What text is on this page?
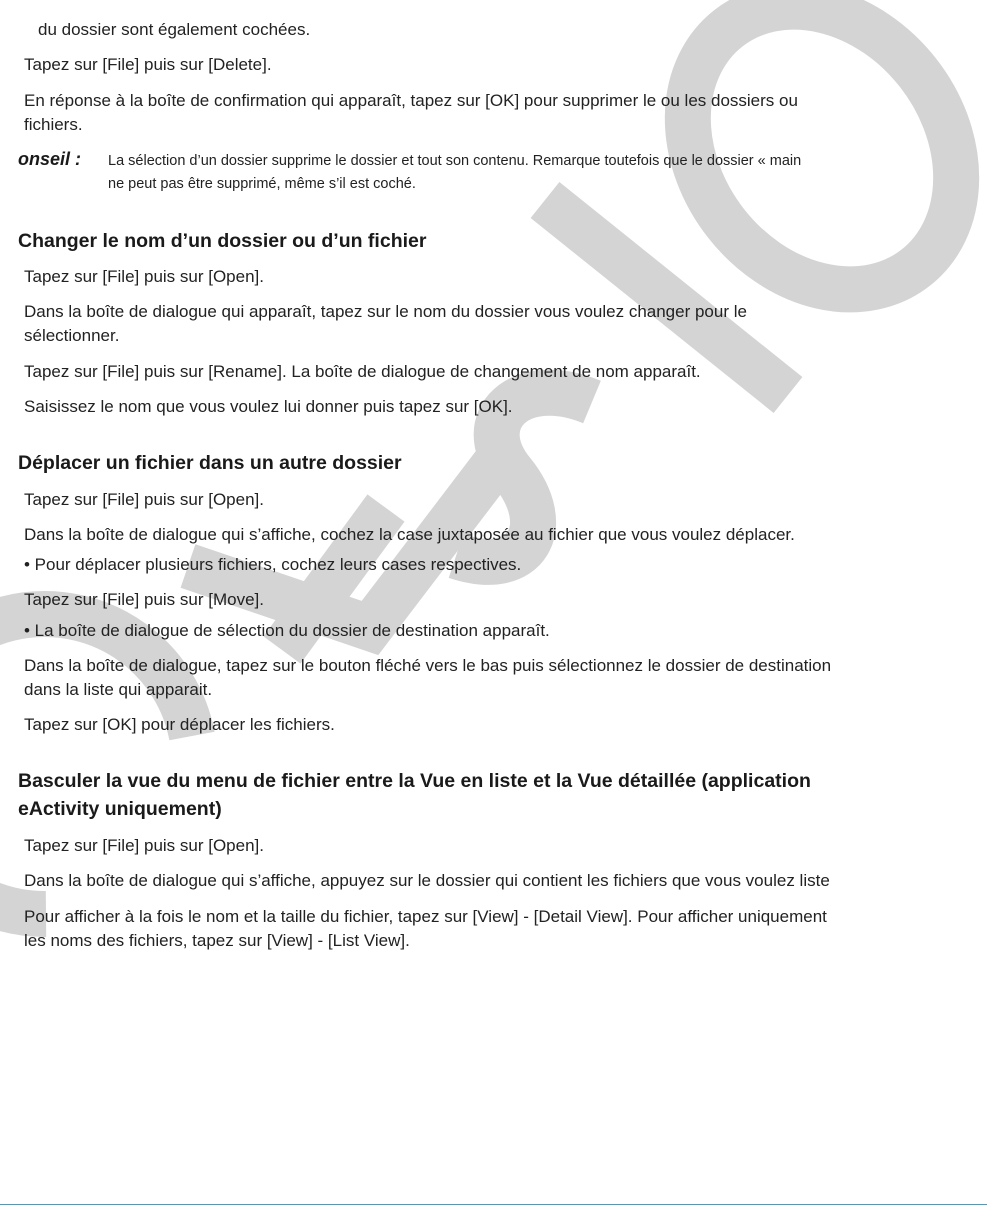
du dossier sont également cochées.
Tapez sur [File] puis sur [Delete].
En réponse à la boîte de confirmation qui apparaît, tapez sur [OK] pour supprimer le ou les dossiers ou
fichiers.
onseil : La sélection d’un dossier supprime le dossier et tout son contenu. Remarque toutefois que le dossier « main
ne peut pas être supprimé, même s’il est coché.
Changer le nom d’un dossier ou d’un fichier
Tapez sur [File] puis sur [Open].
Dans la boîte de dialogue qui apparaît, tapez sur le nom du dossier vous voulez changer pour le
sélectionner.
Tapez sur [File] puis sur [Rename]. La boîte de dialogue de changement de nom apparaît.
Saisissez le nom que vous voulez lui donner puis tapez sur [OK].
Déplacer un fichier dans un autre dossier
Tapez sur [File] puis sur [Open].
Dans la boîte de dialogue qui s’affiche, cochez la case juxtaposée au fichier que vous voulez déplacer.
• Pour déplacer plusieurs fichiers, cochez leurs cases respectives.
Tapez sur [File] puis sur [Move].
• La boîte de dialogue de sélection du dossier de destination apparaît.
Dans la boîte de dialogue, tapez sur le bouton fléché vers le bas puis sélectionnez le dossier de destination
dans la liste qui apparait.
Tapez sur [OK] pour déplacer les fichiers.
Basculer la vue du menu de fichier entre la Vue en liste et la Vue détaillée (application
eActivity uniquement)
Tapez sur [File] puis sur [Open].
Dans la boîte de dialogue qui s’affiche, appuyez sur le dossier qui contient les fichiers que vous voulez liste
Pour afficher à la fois le nom et la taille du fichier, tapez sur [View] - [Detail View]. Pour afficher uniquement
les noms des fichiers, tapez sur [View] - [List View].
